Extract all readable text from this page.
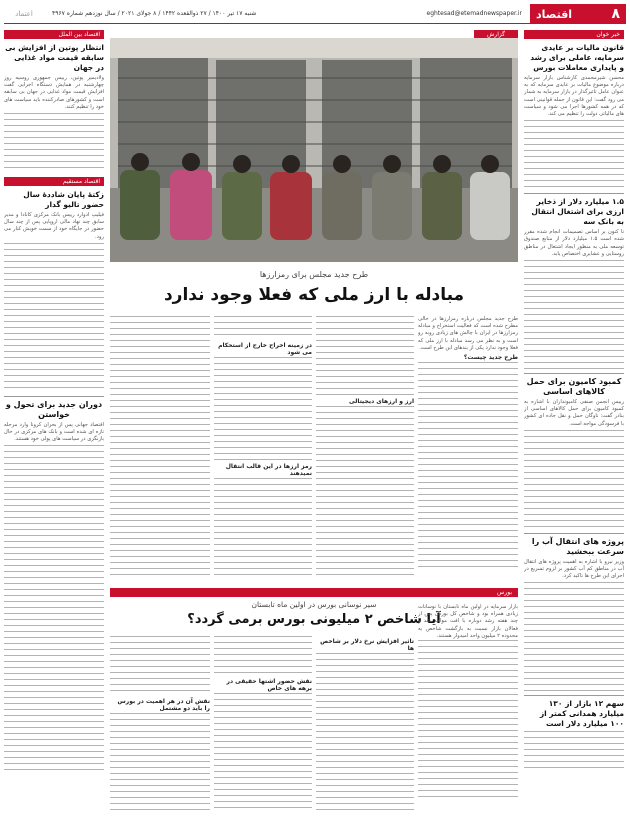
۸
اقتصاد
eghtesad@etemadnewspaper.ir
شنبه ۱۷ تیر ۱۴۰۰ / ۲۷ ذوالقعده ۱۴۴۲ / ۸ جولای ۲۰۲۱ / سال نوزدهم شماره ۴۹۶۷
اعتماد
خبر خوان
قانون مالیات بر عایدی سرمایه، عاملی برای رشد و پایداری معاملات بورس
محسن شیرمحمدی کارشناس بازار سرمایه درباره موضوع مالیات بر عایدی سرمایه که به عنوان عامل تاثیرگذار در بازار سرمایه به شمار می رود گفت: این قانون از جمله قوانینی است که در همه کشورها اجرا می شود و سیاست های مالیاتی دولت را تنظیم می کند.
۱.۵ میلیارد دلار از ذخایر ارزی برای اشتغال انتقال به بانک سه
تا کنون بر اساس تصمیمات انجام شده مقرر شده است ۱.۵ میلیارد دلار از منابع صندوق توسعه ملی به منظور ایجاد اشتغال در مناطق روستایی و عشایری اختصاص یابد.
کمبود کامیون برای حمل کالاهای اساسی
رییس انجمن صنفی کامیونداران با اشاره به کمبود کامیون برای حمل کالاهای اساسی از بنادر گفت: ناوگان حمل و نقل جاده ای کشور با فرسودگی مواجه است.
پروژه های انتقال آب را سرعت ببخشید
وزیر نیرو با اشاره به اهمیت پروژه های انتقال آب در مناطق کم آب کشور بر لزوم تسریع در اجرای این طرح ها تاکید کرد.
سهم ۱۲ بازار از ۱۳۰ میلیارد همدانی کمتر از ۱۰۰ میلیارد دلار است
اقتصاد بین الملل
انتظار پوتین از افزایش بی سابقه قیمت مواد غذایی در جهان
ولادیمیر پوتین، رییس جمهوری روسیه روز چهارشنبه در همایش دستگاه اجرایی گفت افزایش قیمت مواد غذایی در جهان بی سابقه است و کشورهای صادرکننده باید سیاست های خود را تنظیم کنند.
اقتصاد مستقیم
زکتهٔ پایان شاددهٔ سال حضور تالیو گدار
فیلیپ ادوارد رییس بانک مرکزی کانادا و مدیر سابق چند نهاد مالی اروپایی پس از چند سال حضور در جایگاه خود از سمت خویش کنار می رود.
دوران جدید برای تحول و خواستن
اقتصاد جهانی پس از بحران کرونا وارد مرحله تازه ای شده است و بانک های مرکزی در حال بازنگری در سیاست های پولی خود هستند.
گزارش
طرح جدید مجلس برای رمزارزها
مبادله با ارز ملی که فعلا وجود ندارد
طرح جدید مجلس درباره رمزارزها در حالی مطرح شده است که فعالیت استخراج و مبادله رمزارزها در ایران با چالش های زیادی روبه رو است و به نظر می رسد مبادله با ارز ملی که فعلا وجود ندارد یکی از بندهای این طرح است.
طرح جدید چیست؟
ارز و ارزهای دیجیتالی
در زمینه اخراج خارج از استحکام می شود
رمز ارزها در این قالب انتقال نمیدهند
بورس
سیر نوسانی بورس در اولین ماه تابستان
آیا شاخص ۲ میلیونی بورس برمی گردد؟
بازار سرمایه در اولین ماه تابستان با نوسانات زیادی همراه بود و شاخص کل بورس پس از چند هفته رشد دوباره با افت مواجه شد و فعالان بازار نسبت به بازگشت شاخص به محدوده ۲ میلیون واحد امیدوار هستند.
تاثیر افزایش نرخ دلار بر شاخص ها
نقش حضور اشتها حقیقی در برهه های خاص
نقش آن در هر اهمیت در بورس را باید دو مشتمل
